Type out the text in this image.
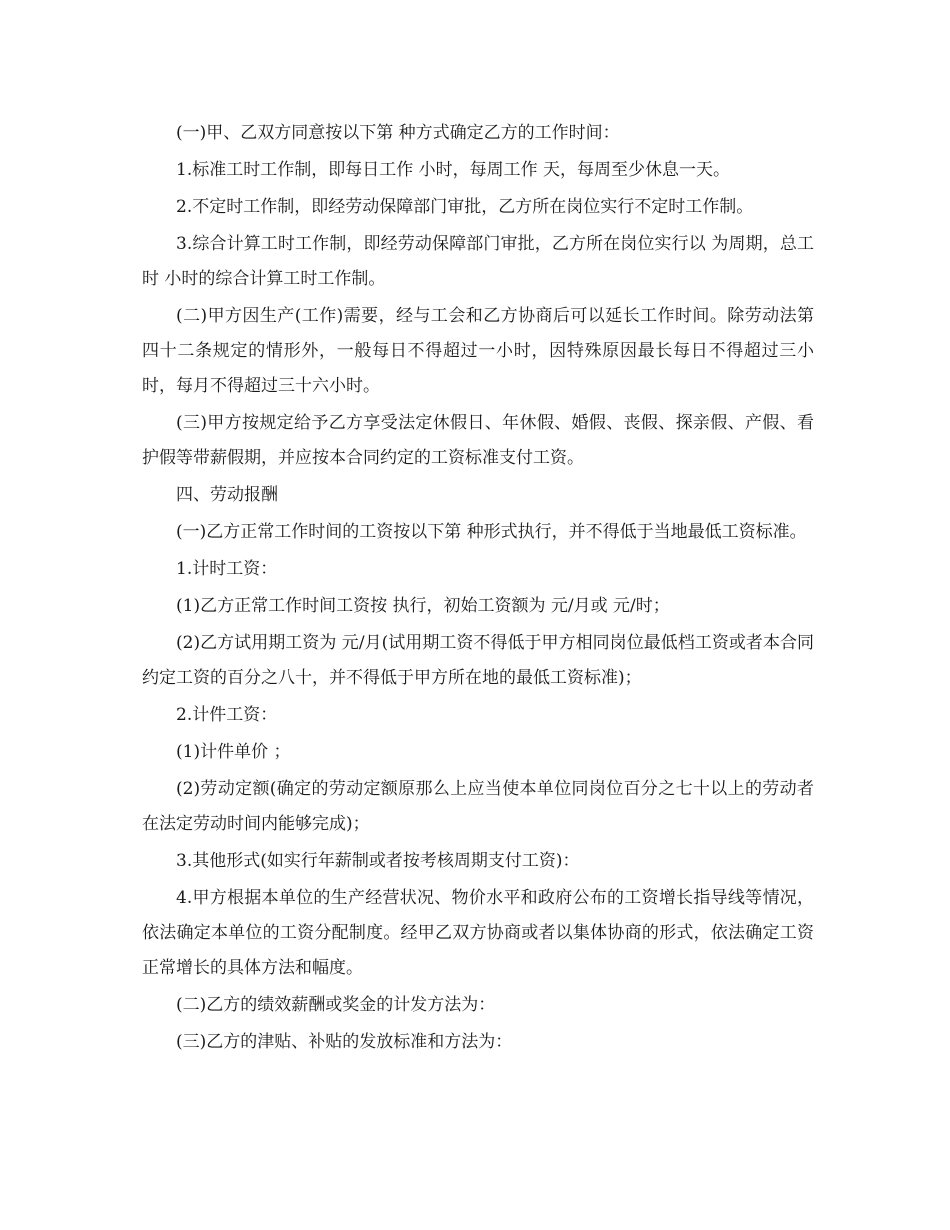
(一)甲、乙双方同意按以下第 种方式确定乙方的工作时间：

1.标准工时工作制，即每日工作 小时，每周工作 天，每周至少休息一天。

2.不定时工作制，即经劳动保障部门审批，乙方所在岗位实行不定时工作制。

3.综合计算工时工作制，即经劳动保障部门审批，乙方所在岗位实行以 为周期，总工时 小时的综合计算工时工作制。

(二)甲方因生产(工作)需要，经与工会和乙方协商后可以延长工作时间。除劳动法第四十二条规定的情形外，一般每日不得超过一小时，因特殊原因最长每日不得超过三小时，每月不得超过三十六小时。

(三)甲方按规定给予乙方享受法定休假日、年休假、婚假、丧假、探亲假、产假、看护假等带薪假期，并应按本合同约定的工资标准支付工资。

四、劳动报酬

(一)乙方正常工作时间的工资按以下第 种形式执行，并不得低于当地最低工资标准。

1.计时工资：

(1)乙方正常工作时间工资按 执行，初始工资额为 元/月或 元/时；

(2)乙方试用期工资为 元/月(试用期工资不得低于甲方相同岗位最低档工资或者本合同约定工资的百分之八十，并不得低于甲方所在地的最低工资标准)；

2.计件工资：

(1)计件单价 ；

(2)劳动定额(确定的劳动定额原那么上应当使本单位同岗位百分之七十以上的劳动者在法定劳动时间内能够完成)；

3.其他形式(如实行年薪制或者按考核周期支付工资)：

4.甲方根据本单位的生产经营状况、物价水平和政府公布的工资增长指导线等情况，依法确定本单位的工资分配制度。经甲乙双方协商或者以集体协商的形式，依法确定工资正常增长的具体方法和幅度。

(二)乙方的绩效薪酬或奖金的计发方法为：

(三)乙方的津贴、补贴的发放标准和方法为：
